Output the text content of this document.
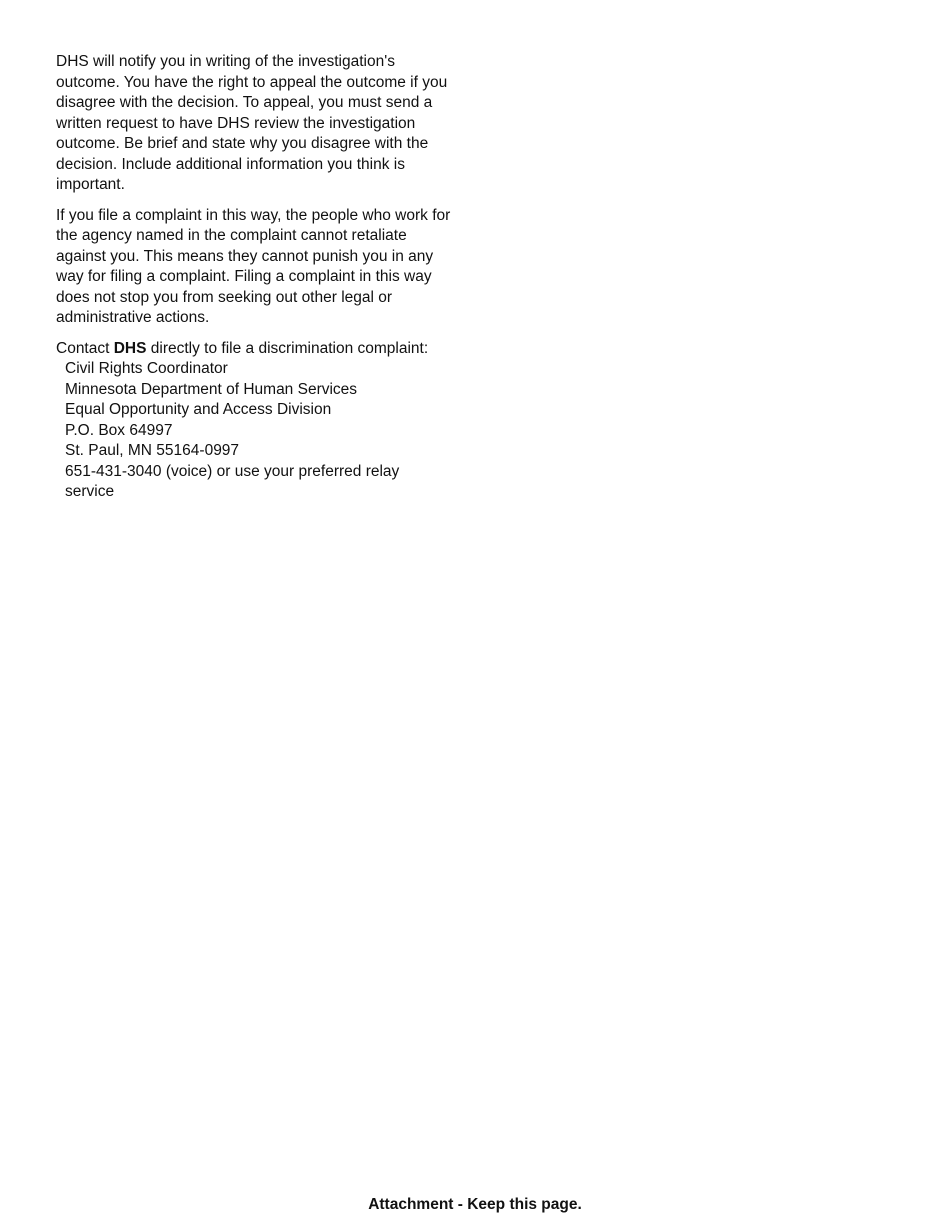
DHS will notify you in writing of the investigation's outcome. You have the right to appeal the outcome if you disagree with the decision. To appeal, you must send a written request to have DHS review the investigation outcome. Be brief and state why you disagree with the decision. Include additional information you think is important.

If you file a complaint in this way, the people who work for the agency named in the complaint cannot retaliate against you. This means they cannot punish you in any way for filing a complaint. Filing a complaint in this way does not stop you from seeking out other legal or administrative actions.

Contact DHS directly to file a discrimination complaint:

Civil Rights Coordinator
Minnesota Department of Human Services
Equal Opportunity and Access Division
P.O. Box 64997
St. Paul, MN 55164-0997
651-431-3040 (voice) or use your preferred relay service
Attachment - Keep this page.
